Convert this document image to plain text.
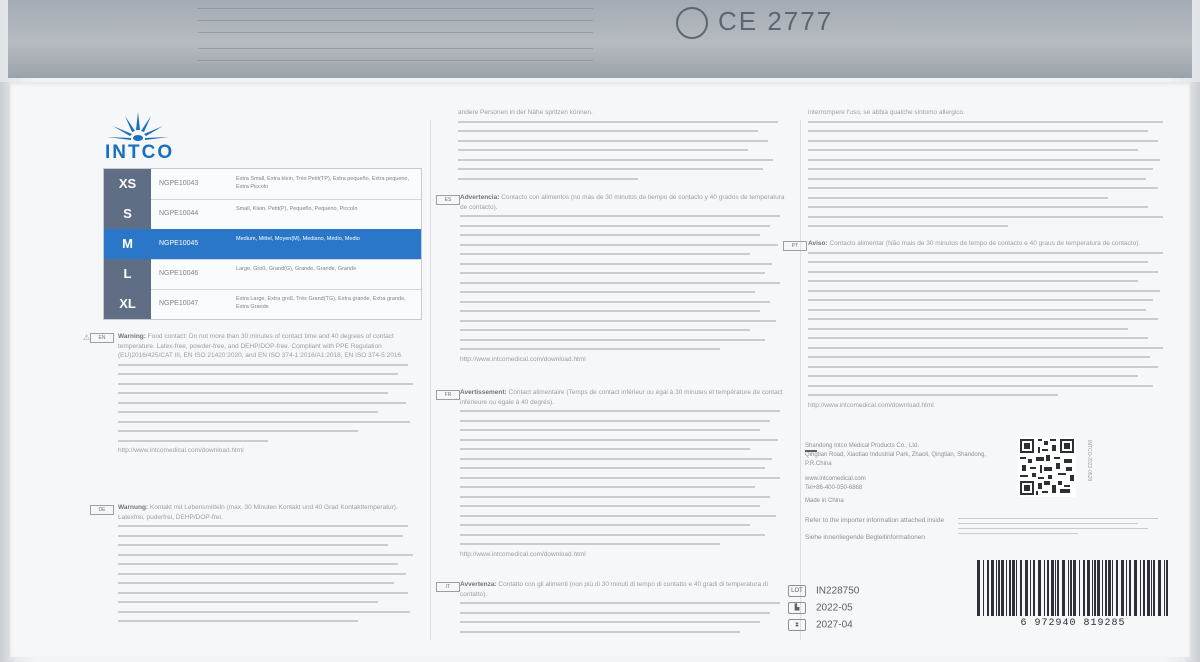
CE 2777
INTCO
XS	NGPE10043
Extra Small, Extra klein, Très Petit(TP), Extra pequeño, Extra pequeno, Extra Piccolo
S	NGPE10044
Small, Klein, Petit(P), Pequeño, Pequeno, Piccolo
M	NGPE10045
Medium, Mittel, Moyen(M), Mediano, Médio, Medio
L	NGPE10046
Large, Groß, Grand(G), Grande, Grande, Grande
XL	NGPE10047
Extra Large, Extra groß, Très Grand(TG), Extra grande, Extra grande, Extra Grande
EN	Warning: Food contact: Do not more than 30 minutes of contact time and 40 degrees of contact temperature. Latex-free, powder-free, and DEHP/DOP-free. Compliant with PPE Regulation (EU)2016/425/CAT III, EN ISO 21420:2020, and EN ISO 374-1:2016/A1:2018, EN ISO 374-5:2016.
http://www.intcomedical.com/download.html
DE	Warnung: Kontakt mit Lebensmitteln (max. 30 Minuten Kontakt und 40 Grad Kontakttemperatur). Latexfrei, puderfrei, DEHP/DOP-frei.
andere Personen in der Nähe spritzen können.
ES	Advertencia: Contacto con alimentos (no más de 30 minutos de tiempo de contacto y 40 grados de temperatura de contacto).
http://www.intcomedical.com/download.html
FR	Avertissement: Contact alimentaire (Temps de contact inférieur ou égal à 30 minutes et température de contact inférieure ou égale à 40 degrés).
http://www.intcomedical.com/download.html
IT	Avvertenza: Contatto con gli alimenti (non più di 30 minuti di tempo di contatto e 40 gradi di temperatura di contatto).
interrompere l'uso, se abbia qualche sintomo allergico.
PT	Aviso: Contacto alimentar (Não mais de 30 minutos de tempo de contacto e 40 graus de temperatura de contacto).
http://www.intcomedical.com/download.html
Shandong Intco Medical Products Co., Ltd.
Qingtian Road, Xiaotiao Industrial Park, Zhaoli, Qingtian, Shandong, P.R.China
www.intcomedical.com
Tel+86-400-050-6868
Made in China
Refer to the importer information attached inside
Siehe innenliegende Begleitinformationen
INTCO-2022-0528
LOT IN228750
▙ 2022-05
⧗ 2027-04	6 972940 819285
⚠
